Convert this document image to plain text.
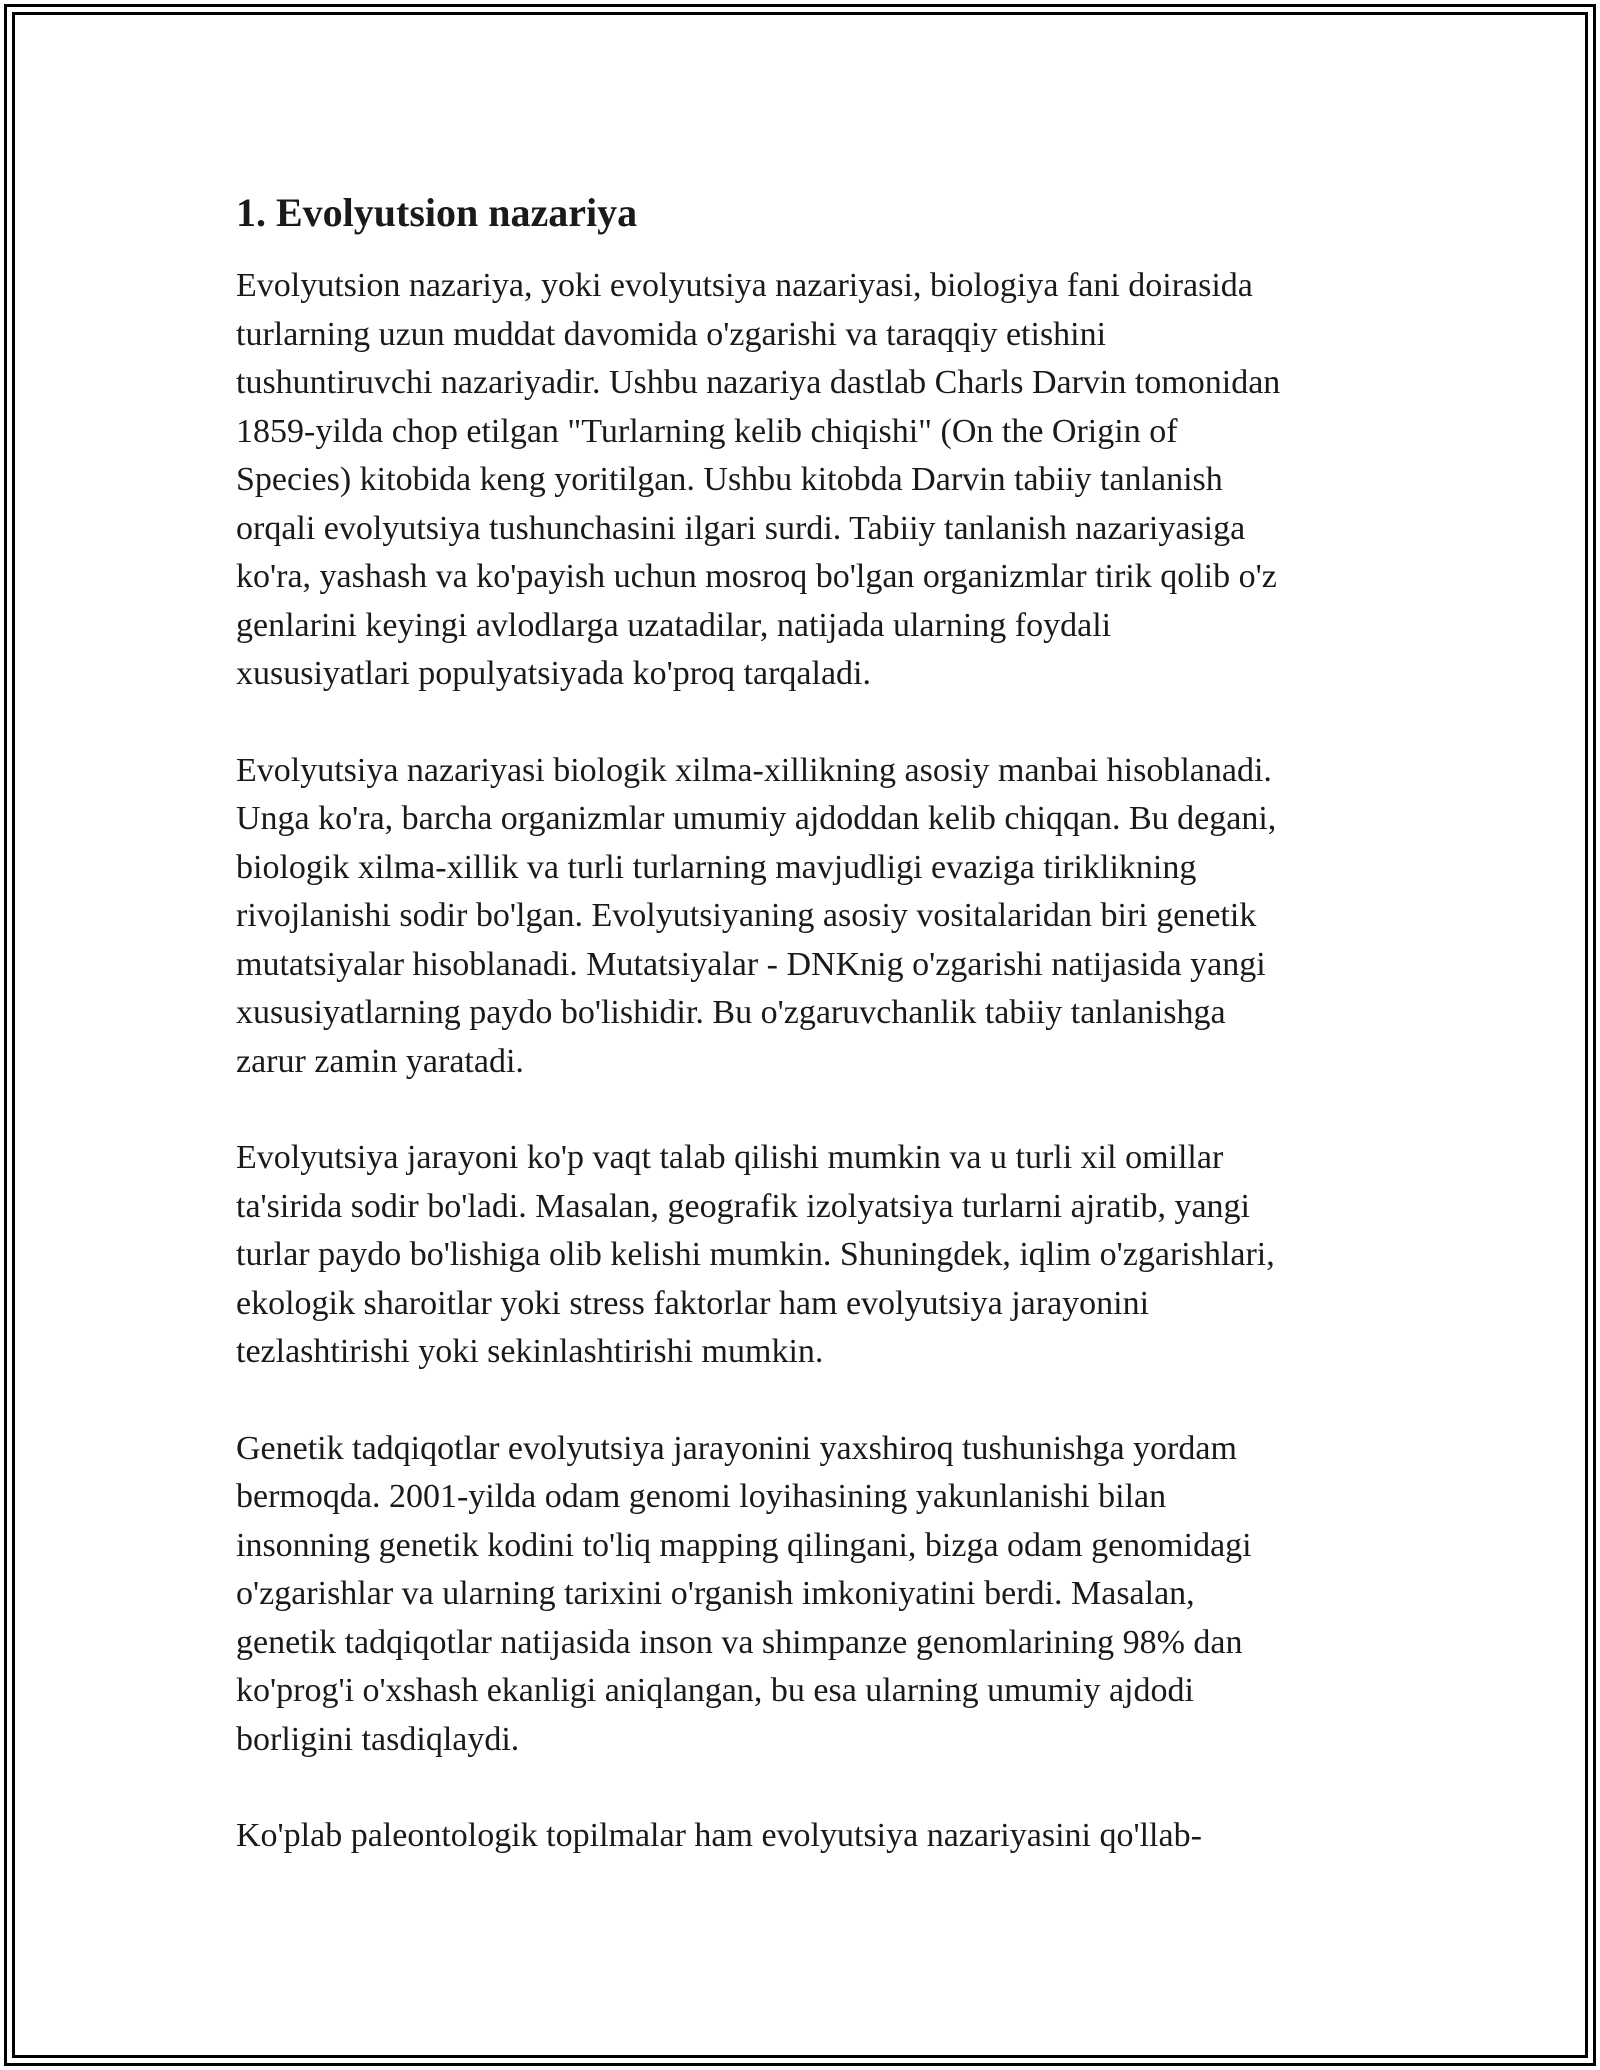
1. Evolyutsion nazariya

Evolyutsion nazariya, yoki evolyutsiya nazariyasi, biologiya fani doirasida
turlarning uzun muddat davomida o'zgarishi va taraqqiy etishini
tushuntiruvchi nazariyadir. Ushbu nazariya dastlab Charls Darvin tomonidan
1859-yilda chop etilgan "Turlarning kelib chiqishi" (On the Origin of
Species) kitobida keng yoritilgan. Ushbu kitobda Darvin tabiiy tanlanish
orqali evolyutsiya tushunchasini ilgari surdi. Tabiiy tanlanish nazariyasiga
ko'ra, yashash va ko'payish uchun mosroq bo'lgan organizmlar tirik qolib o'z
genlarini keyingi avlodlarga uzatadilar, natijada ularning foydali
xususiyatlari populyatsiyada ko'proq tarqaladi.

Evolyutsiya nazariyasi biologik xilma-xillikning asosiy manbai hisoblanadi.
Unga ko'ra, barcha organizmlar umumiy ajdoddan kelib chiqqan. Bu degani,
biologik xilma-xillik va turli turlarning mavjudligi evaziga tiriklikning
rivojlanishi sodir bo'lgan. Evolyutsiyaning asosiy vositalaridan biri genetik
mutatsiyalar hisoblanadi. Mutatsiyalar - DNKnig o'zgarishi natijasida yangi
xususiyatlarning paydo bo'lishidir. Bu o'zgaruvchanlik tabiiy tanlanishga
zarur zamin yaratadi.

Evolyutsiya jarayoni ko'p vaqt talab qilishi mumkin va u turli xil omillar
ta'sirida sodir bo'ladi. Masalan, geografik izolyatsiya turlarni ajratib, yangi
turlar paydo bo'lishiga olib kelishi mumkin. Shuningdek, iqlim o'zgarishlari,
ekologik sharoitlar yoki stress faktorlar ham evolyutsiya jarayonini
tezlashtirishi yoki sekinlashtirishi mumkin.

Genetik tadqiqotlar evolyutsiya jarayonini yaxshiroq tushunishga yordam
bermoqda. 2001-yilda odam genomi loyihasining yakunlanishi bilan
insonning genetik kodini to'liq mapping qilingani, bizga odam genomidagi
o'zgarishlar va ularning tarixini o'rganish imkoniyatini berdi. Masalan,
genetik tadqiqotlar natijasida inson va shimpanze genomlarining 98% dan
ko'prog'i o'xshash ekanligi aniqlangan, bu esa ularning umumiy ajdodi
borligini tasdiqlaydi.

Ko'plab paleontologik topilmalar ham evolyutsiya nazariyasini qo'llab-
